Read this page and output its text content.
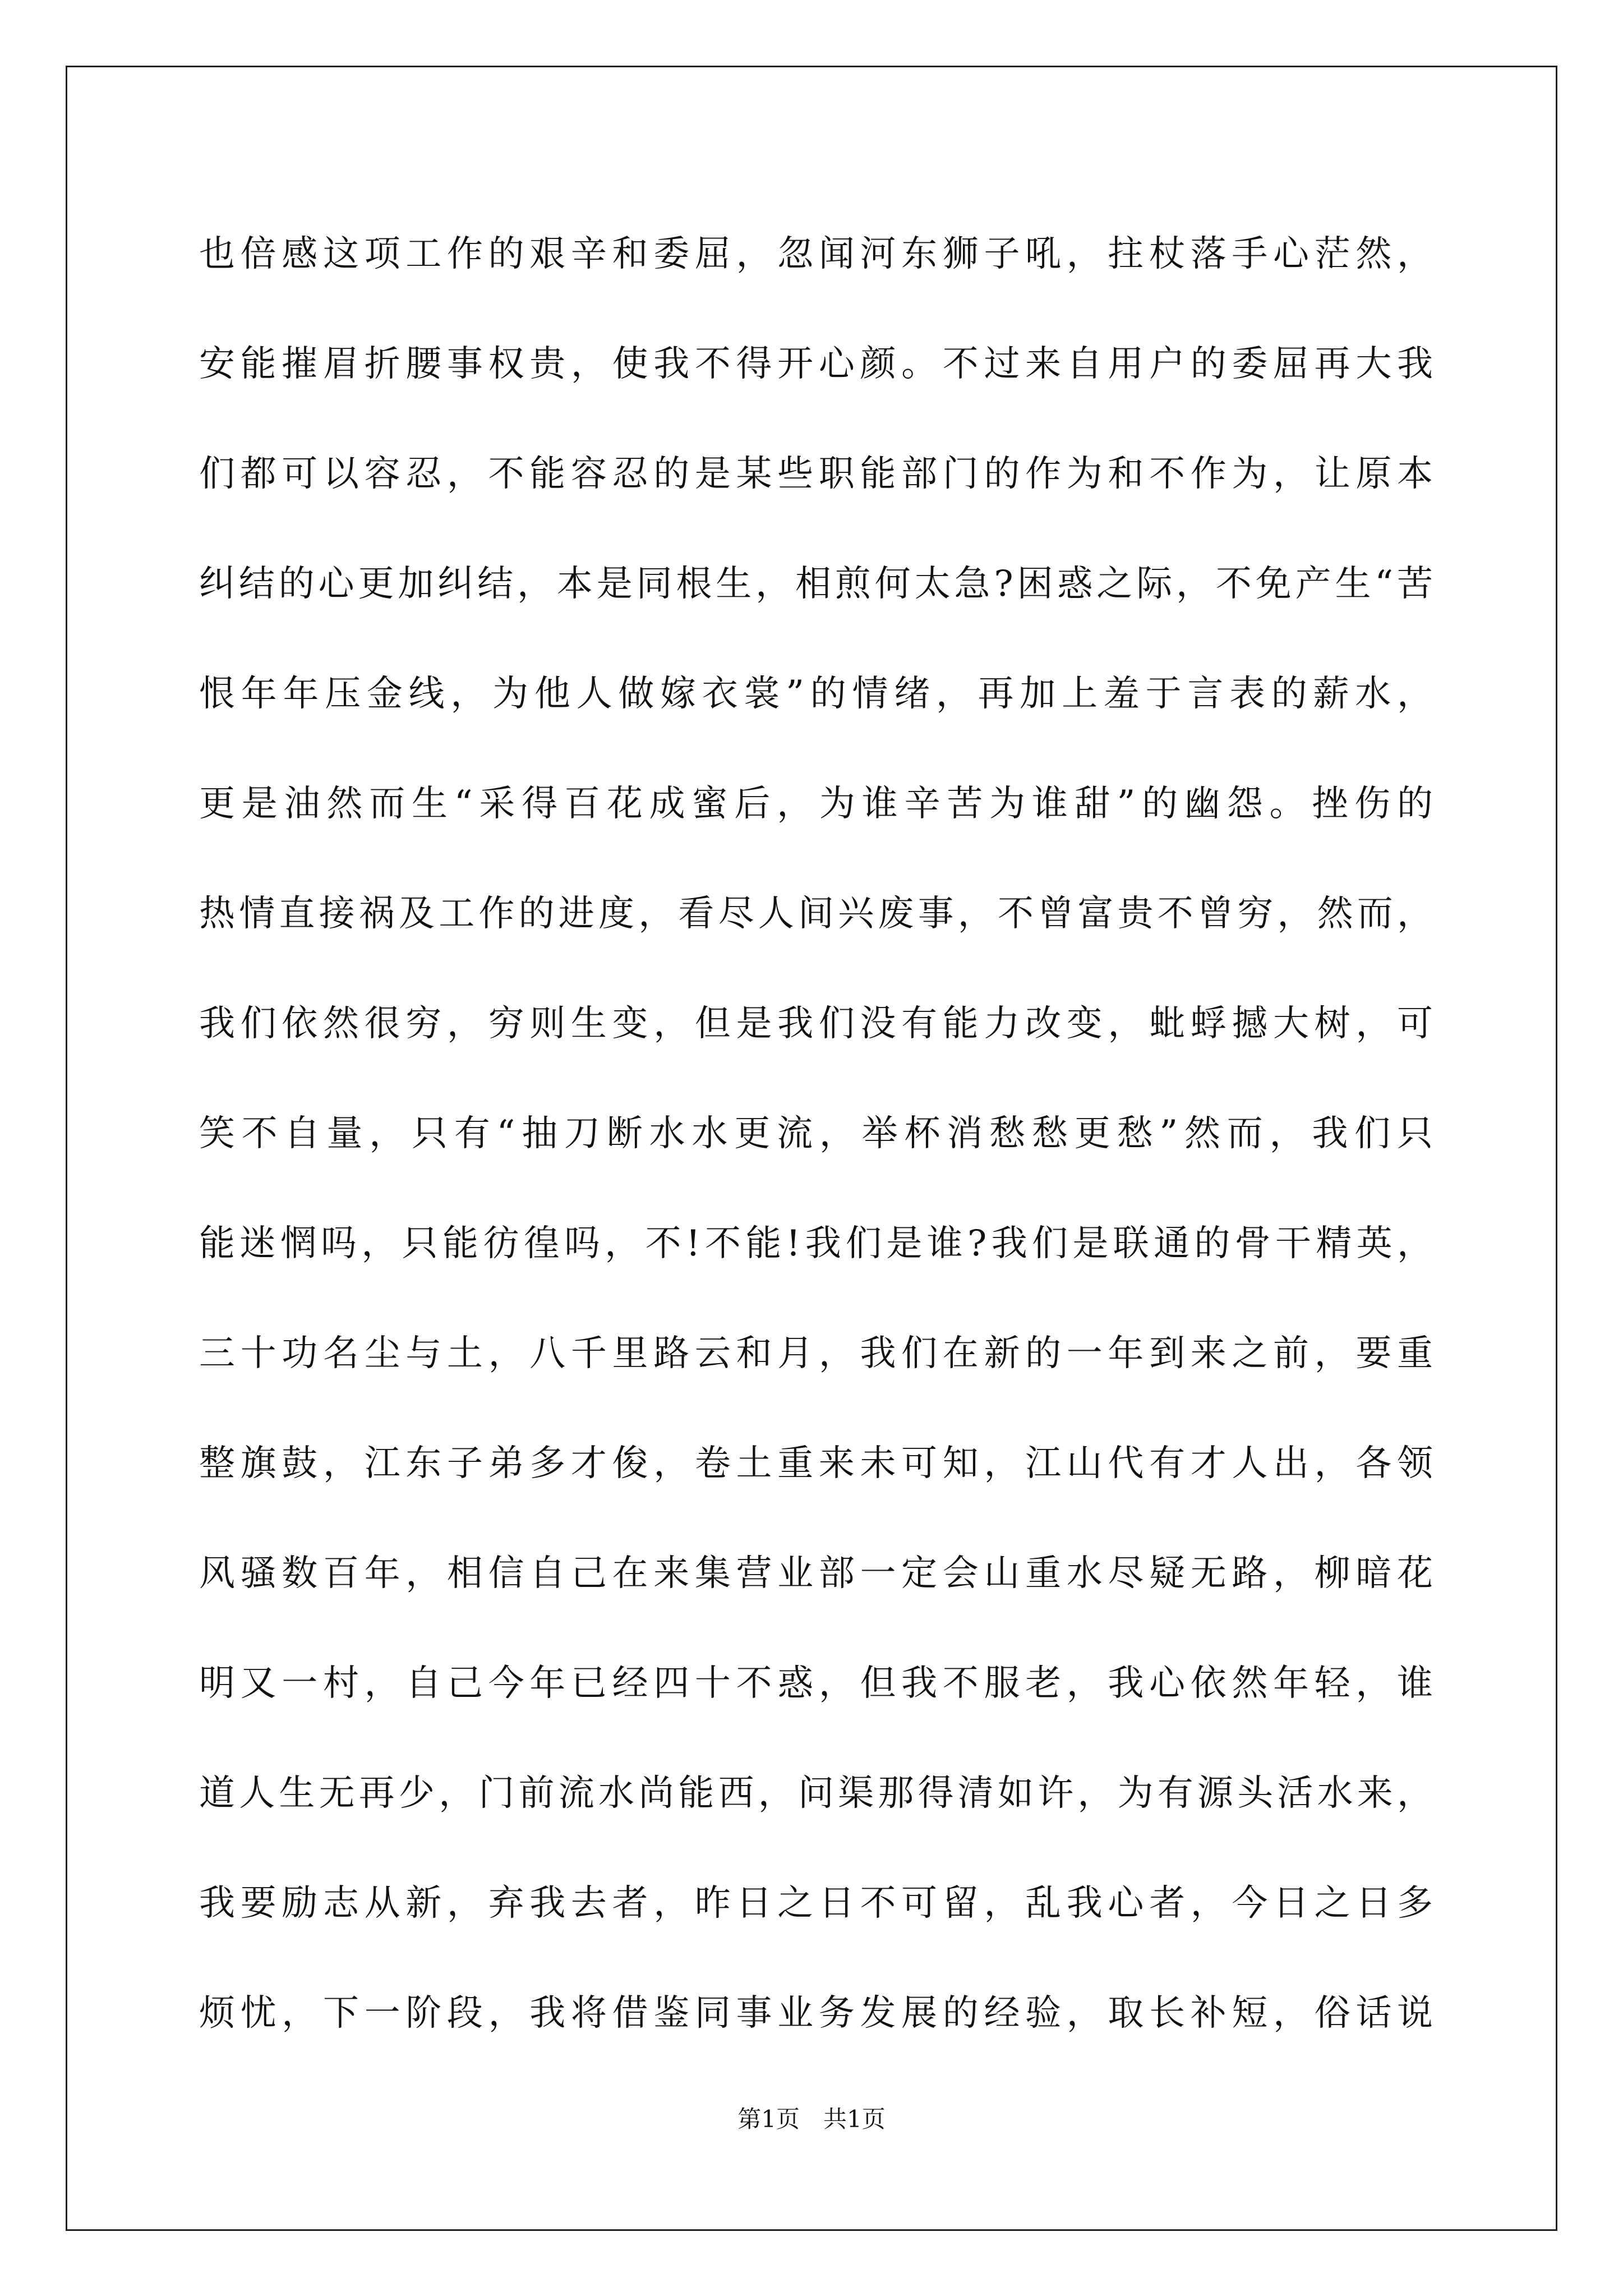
也倍感这项工作的艰辛和委屈，忽闻河东狮子吼，拄杖落手心茫然，
安能摧眉折腰事权贵，使我不得开心颜。不过来自用户的委屈再大我
们都可以容忍，不能容忍的是某些职能部门的作为和不作为，让原本
纠结的心更加纠结，本是同根生，相煎何太急?困惑之际，不免产生“苦
恨年年压金线，为他人做嫁衣裳”的情绪，再加上羞于言表的薪水，
更是油然而生“采得百花成蜜后，为谁辛苦为谁甜”的幽怨。挫伤的
热情直接祸及工作的进度，看尽人间兴废事，不曾富贵不曾穷，然而，
我们依然很穷，穷则生变，但是我们没有能力改变，蚍蜉撼大树，可
笑不自量，只有“抽刀断水水更流，举杯消愁愁更愁”然而，我们只
能迷惘吗，只能彷徨吗，不!不能!我们是谁?我们是联通的骨干精英，
三十功名尘与土，八千里路云和月，我们在新的一年到来之前，要重
整旗鼓，江东子弟多才俊，卷土重来未可知，江山代有才人出，各领
风骚数百年，相信自己在来集营业部一定会山重水尽疑无路，柳暗花
明又一村，自己今年已经四十不惑，但我不服老，我心依然年轻，谁
道人生无再少，门前流水尚能西，问渠那得清如许，为有源头活水来，
我要励志从新，弃我去者，昨日之日不可留，乱我心者，今日之日多
烦忧，下一阶段，我将借鉴同事业务发展的经验，取长补短，俗话说
第1页　共1页
